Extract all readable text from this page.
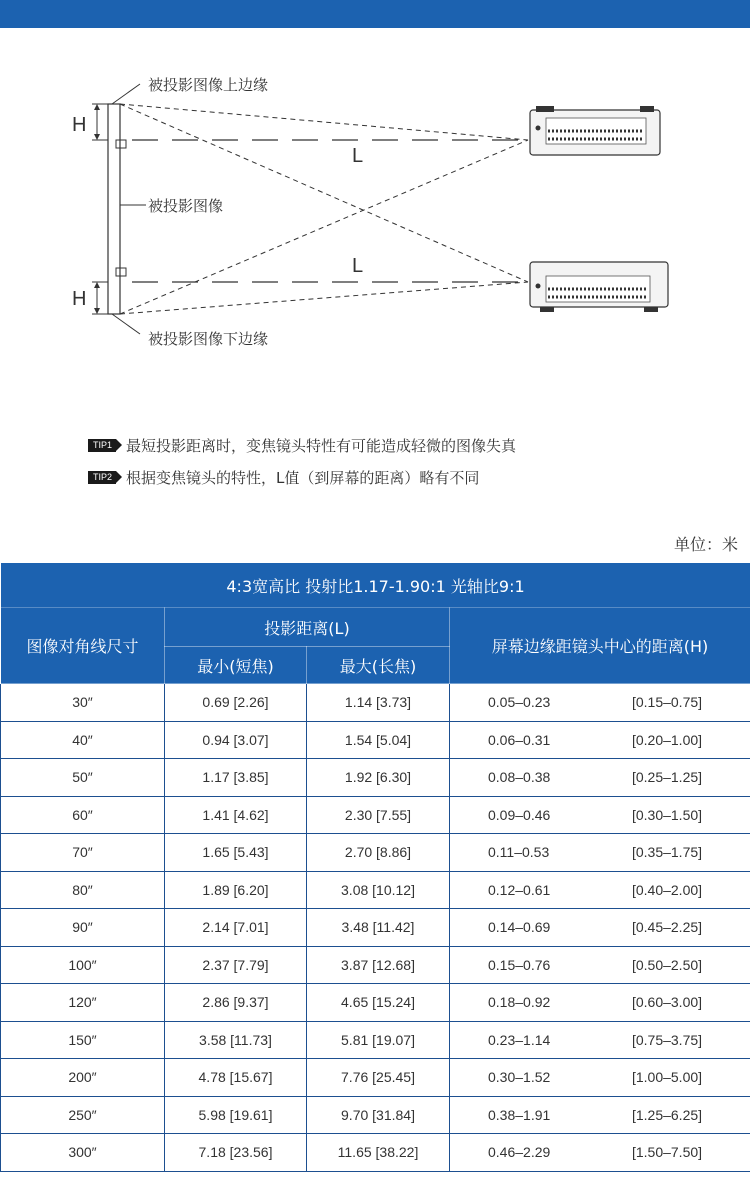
被投影图像上边缘
被投影图像
被投影图像下边缘
H
H
L
L
TIP1 最短投影距离时，变焦镜头特性有可能造成轻微的图像失真
TIP2 根据变焦镜头的特性，L值（到屏幕的距离）略有不同
单位：米
4:3宽高比 投射比1.17-1.90:1 光轴比9:1			
图像对角线尺寸	投影距离(L)		屏幕边缘距镜头中心的距离(H)
	最小(短焦)	最大(长焦)	
30″	0.69 [2.26]	1.14 [3.73]	0.05–0.23 [0.15–0.75]

40″	0.94 [3.07]	1.54 [5.04]	0.06–0.31 [0.20–1.00]

50″	1.17 [3.85]	1.92 [6.30]	0.08–0.38 [0.25–1.25]

60″	1.41 [4.62]	2.30 [7.55]	0.09–0.46 [0.30–1.50]

70″	1.65 [5.43]	2.70 [8.86]	0.11–0.53 [0.35–1.75]

80″	1.89 [6.20]	3.08 [10.12]	0.12–0.61 [0.40–2.00]

90″	2.14 [7.01]	3.48 [11.42]	0.14–0.69 [0.45–2.25]

100″	2.37 [7.79]	3.87 [12.68]	0.15–0.76 [0.50–2.50]

120″	2.86 [9.37]	4.65 [15.24]	0.18–0.92 [0.60–3.00]

150″	3.58 [11.73]	5.81 [19.07]	0.23–1.14 [0.75–3.75]

200″	4.78 [15.67]	7.76 [25.45]	0.30–1.52 [1.00–5.00]

250″	5.98 [19.61]	9.70 [31.84]	0.38–1.91 [1.25–6.25]

300″	7.18 [23.56]	11.65 [38.22]	0.46–2.29 [1.50–7.50]
